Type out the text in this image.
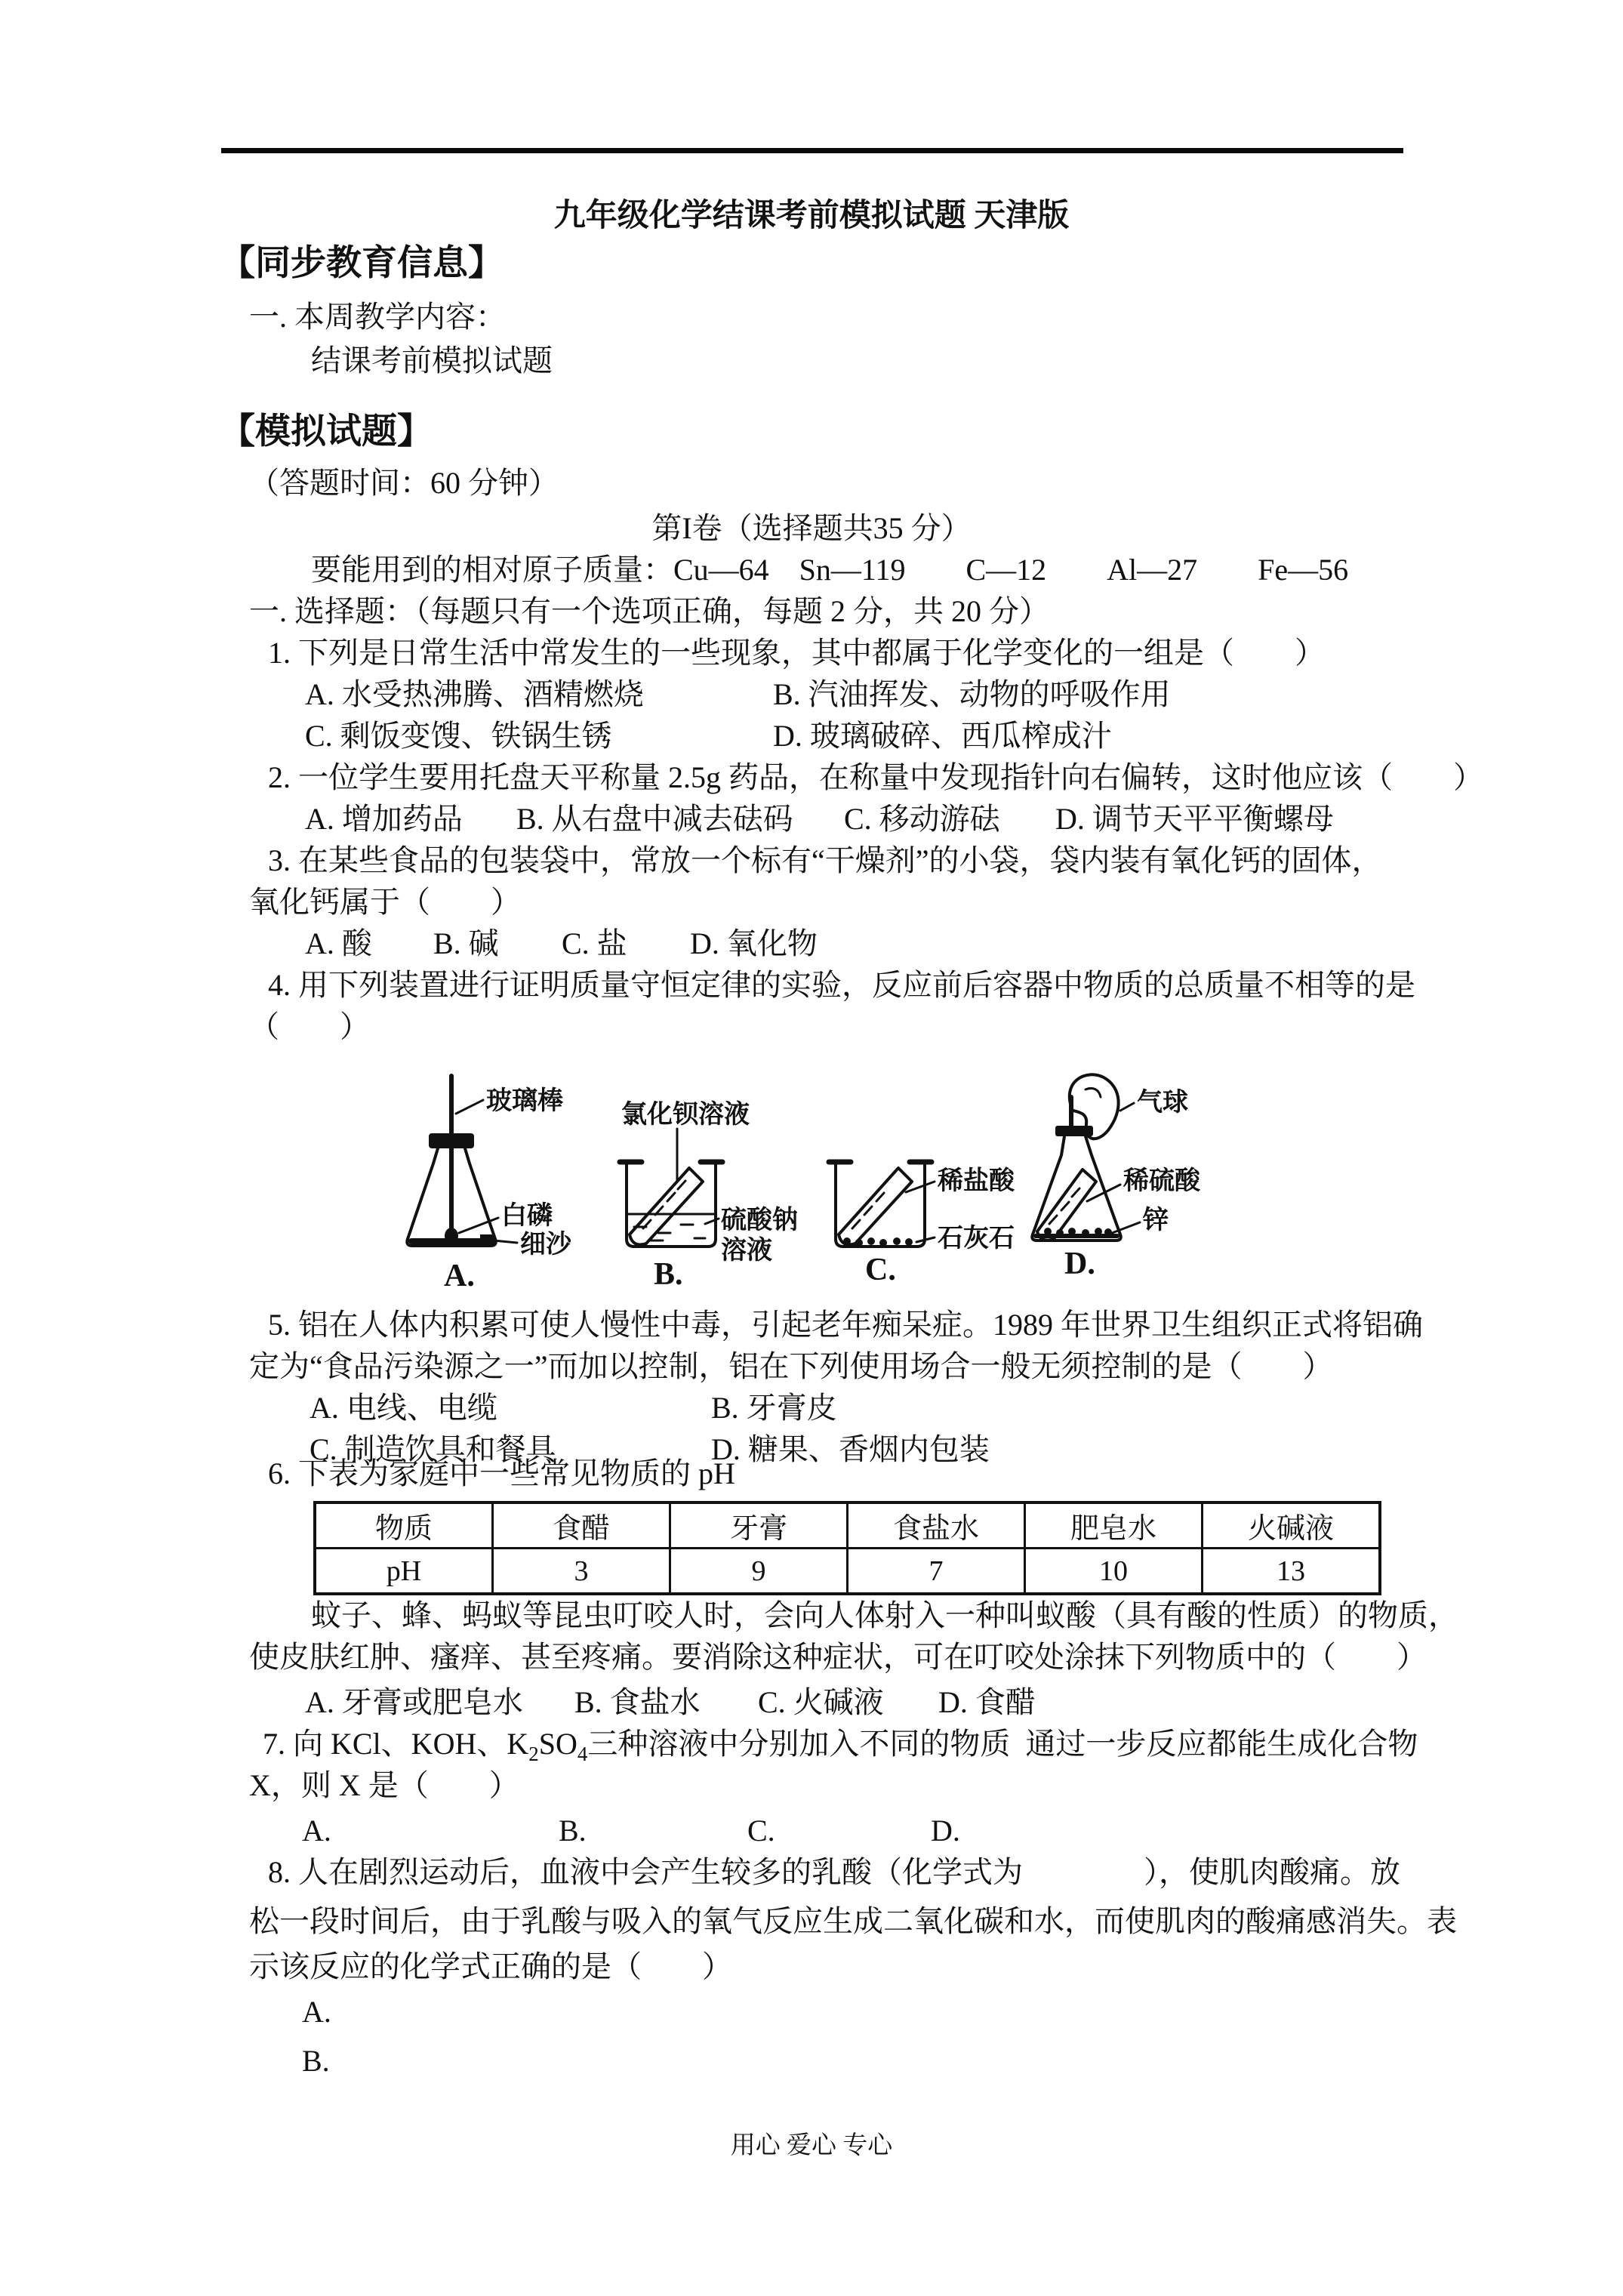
九年级化学结课考前模拟试题 天津版
【同步教育信息】
一. 本周教学内容：
结课考前模拟试题
【模拟试题】
（答题时间：60 分钟）
第I卷（选择题共35 分）
要能用到的相对原子质量：Cu—64　Sn—119　　C—12　　Al—27　　Fe—56
一. 选择题：（每题只有一个选项正确，每题 2 分，共 20 分）
1. 下列是日常生活中常发生的一些现象，其中都属于化学变化的一组是（　　）
A. 水受热沸腾、酒精燃烧	B. 汽油挥发、动物的呼吸作用
C. 剩饭变馊、铁锅生锈	D. 玻璃破碎、西瓜榨成汁
2. 一位学生要用托盘天平称量 2.5g 药品，在称量中发现指针向右偏转，这时他应该（　　）
A. 增加药品	B. 从右盘中减去砝码	C. 移动游砝	D. 调节天平平衡螺母
3. 在某些食品的包装袋中，常放一个标有“干燥剂”的小袋，袋内装有氧化钙的固体，
氧化钙属于（　　）
A. 酸	B. 碱	C. 盐	D. 氧化物
4. 用下列装置进行证明质量守恒定律的实验，反应前后容器中物质的总质量不相等的是
（　　）
玻璃棒
白磷
细沙
A.
氯化钡溶液
硫酸钠
溶液
B.
稀盐酸
石灰石
C.
气球
稀硫酸
锌
D.
5. 铝在人体内积累可使人慢性中毒，引起老年痴呆症。1989 年世界卫生组织正式将铝确
定为“食品污染源之一”而加以控制，铝在下列使用场合一般无须控制的是（　　）
A. 电线、电缆	B. 牙膏皮
C. 制造饮具和餐具	D. 糖果、香烟内包装
6. 下表为家庭中一些常见物质的 pH
物质	食醋	牙膏	食盐水	肥皂水	火碱液
pH	3	9	7	10	13
蚊子、蜂、蚂蚁等昆虫叮咬人时，会向人体射入一种叫蚁酸（具有酸的性质）的物质，
使皮肤红肿、瘙痒、甚至疼痛。要消除这种症状，可在叮咬处涂抹下列物质中的（　　）
A. 牙膏或肥皂水	B. 食盐水	C. 火碱液	D. 食醋
7. 向 KCl、KOH、$K_2SO_4$三种溶液中分别加入不同的物质  通过一步反应都能生成化合物
X，则 X 是（　　）
A.	B.	C.	D.
8. 人在剧烈运动后，血液中会产生较多的乳酸（化学式为　　　　），使肌肉酸痛。放
松一段时间后，由于乳酸与吸入的氧气反应生成二氧化碳和水，而使肌肉的酸痛感消失。表
示该反应的化学式正确的是（　　）
A.
B.
用心 爱心 专心
